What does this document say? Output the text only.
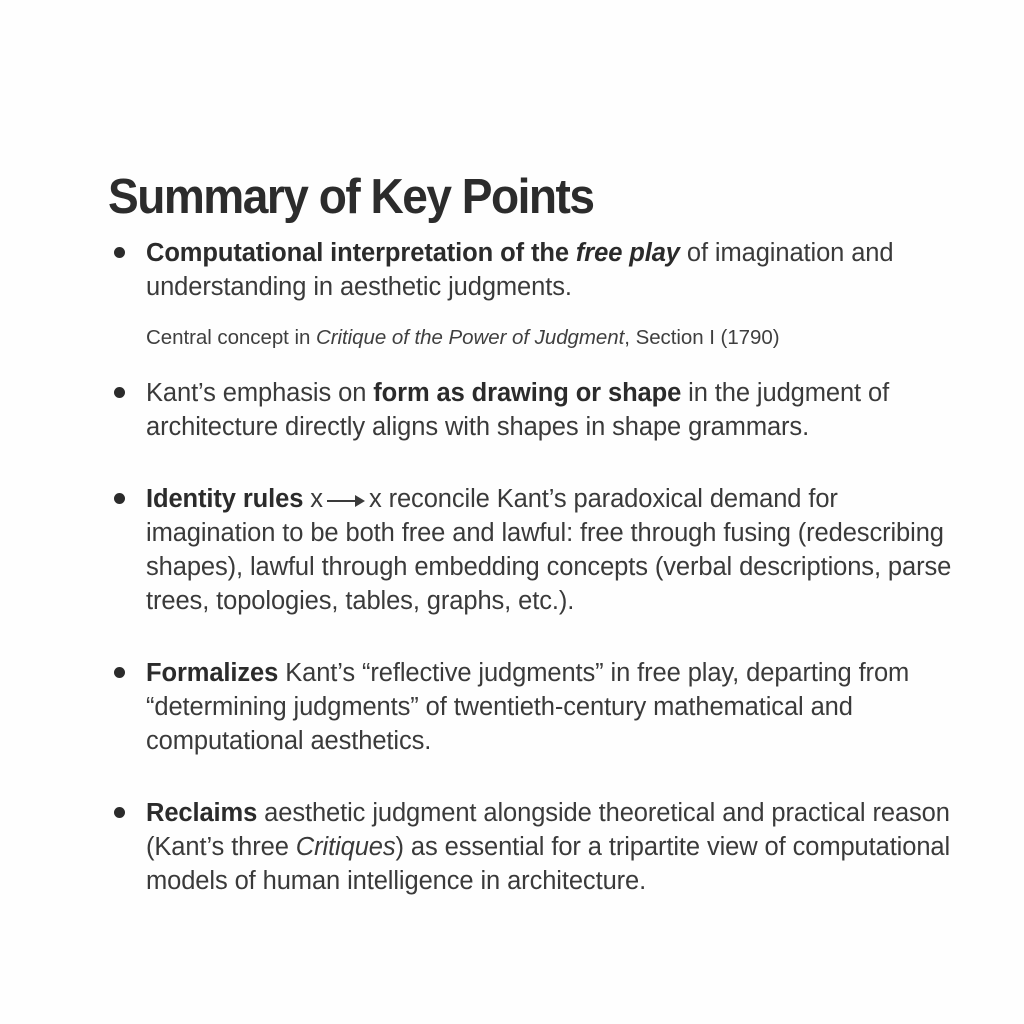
Summary of Key Points
Computational interpretation of the free play of imagination and understanding in aesthetic judgments.
Central concept in Critique of the Power of Judgment, Section I (1790)
Kant’s emphasis on form as drawing or shape in the judgment of architecture directly aligns with shapes in shape grammars.
Identity rules x x reconcile Kant’s paradoxical demand for imagination to be both free and lawful: free through fusing (redescribing shapes), lawful through embedding concepts (verbal descriptions, parse trees, topologies, tables, graphs, etc.).
Formalizes Kant’s “reflective judgments” in free play, departing from “determining judgments” of twentieth-century mathematical and computational aesthetics.
Reclaims aesthetic judgment alongside theoretical and practical reason (Kant’s three Critiques) as essential for a tripartite view of computational models of human intelligence in architecture.
